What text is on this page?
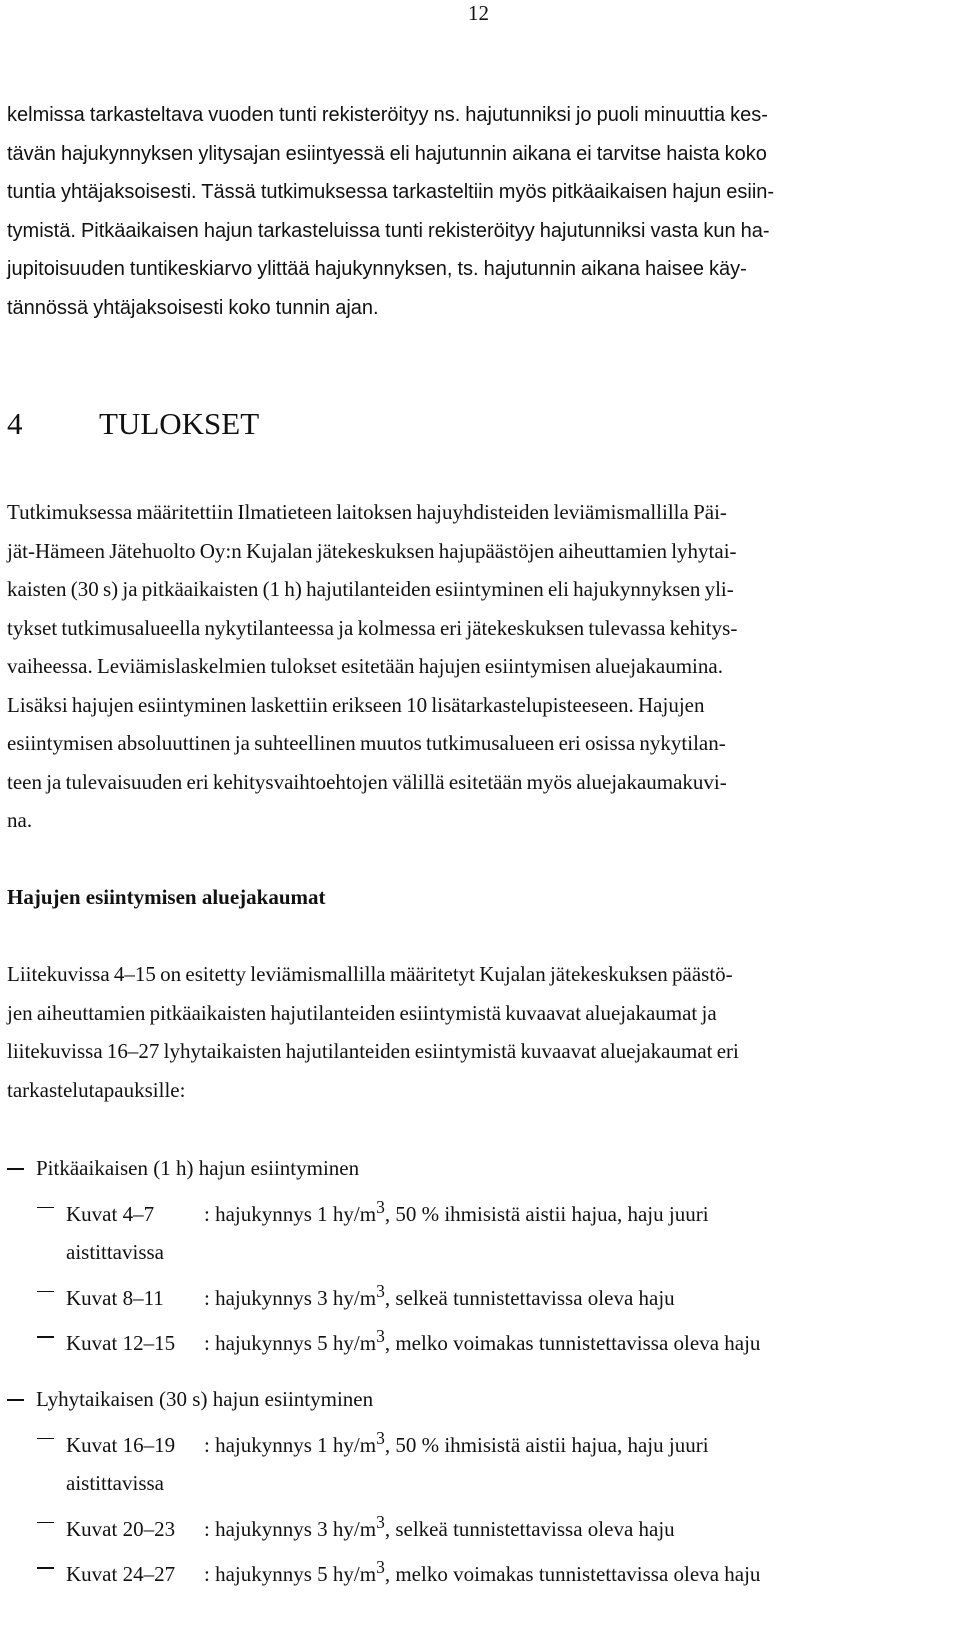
12
kelmissa tarkasteltava vuoden tunti rekisteröityy ns. hajutunniksi jo puoli minuuttia kes-
tävän hajukynnyksen ylitysajan esiintyessä eli hajutunnin aikana ei tarvitse haista koko
tuntia yhtäjaksoisesti. Tässä tutkimuksessa tarkasteltiin myös pitkäaikaisen hajun esiin-
tymistä. Pitkäaikaisen hajun tarkasteluissa tunti rekisteröityy hajutunniksi vasta kun ha-
jupitoisuuden tuntikeskiarvo ylittää hajukynnyksen, ts. hajutunnin aikana haisee käy-
tännössä yhtäjaksoisesti koko tunnin ajan.
4 TULOKSET
Tutkimuksessa määritettiin Ilmatieteen laitoksen hajuyhdisteiden leviämismallilla Päi-
jät-Hämeen Jätehuolto Oy:n Kujalan jätekeskuksen hajupäästöjen aiheuttamien lyhytai-
kaisten (30 s) ja pitkäaikaisten (1 h) hajutilanteiden esiintyminen eli hajukynnyksen yli-
tykset tutkimusalueella nykytilanteessa ja kolmessa eri jätekeskuksen tulevassa kehitys-
vaiheessa. Leviämislaskelmien tulokset esitetään hajujen esiintymisen aluejakaumina.
Lisäksi hajujen esiintyminen laskettiin erikseen 10 lisätarkastelupisteeseen. Hajujen
esiintymisen absoluuttinen ja suhteellinen muutos tutkimusalueen eri osissa nykytilan-
teen ja tulevaisuuden eri kehitysvaihtoehtojen välillä esitetään myös aluejakaumakuvi-
na.
Hajujen esiintymisen aluejakaumat
Liitekuvissa 4–15 on esitetty leviämismallilla määritetyt Kujalan jätekeskuksen päästö-
jen aiheuttamien pitkäaikaisten hajutilanteiden esiintymistä kuvaavat aluejakaumat ja
liitekuvissa 16–27 lyhytaikaisten hajutilanteiden esiintymistä kuvaavat aluejakaumat eri
tarkastelutapauksille:
Pitkäaikaisen (1 h) hajun esiintyminen
Kuvat 4–7 : hajukynnys 1 $hy/m^3$, 50 % ihmisistä aistii hajua, haju juuri
aistittavissa
Kuvat 8–11 : hajukynnys 3 $hy/m^3$, selkeä tunnistettavissa oleva haju
Kuvat 12–15 : hajukynnys 5 $hy/m^3$, melko voimakas tunnistettavissa oleva haju
Lyhytaikaisen (30 s) hajun esiintyminen
Kuvat 16–19 : hajukynnys 1 $hy/m^3$, 50 % ihmisistä aistii hajua, haju juuri
aistittavissa
Kuvat 20–23 : hajukynnys 3 $hy/m^3$, selkeä tunnistettavissa oleva haju
Kuvat 24–27 : hajukynnys 5 $hy/m^3$, melko voimakas tunnistettavissa oleva haju
